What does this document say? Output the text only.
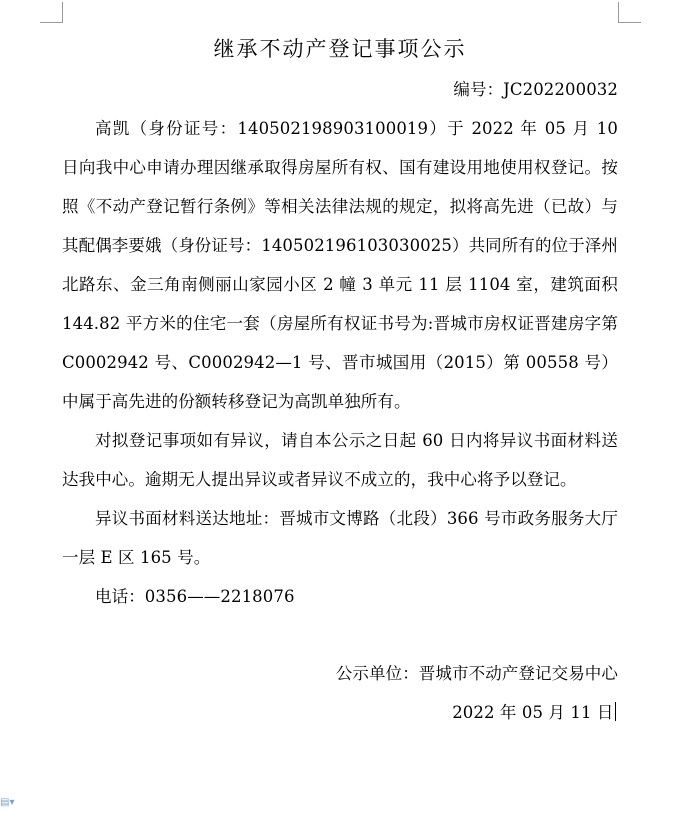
继承不动产登记事项公示
编号：JC202200032

高凯（身份证号：140502198903100019）于 2022 年 05 月 10 日向我中心申请办理因继承取得房屋所有权、国有建设用地使用权登记。按照《不动产登记暂行条例》等相关法律法规的规定，拟将高先进（已故）与其配偶李要娥（身份证号：140502196103030025）共同所有的位于泽州北路东、金三角南侧丽山家园小区 2 幢 3 单元 11 层 1104 室，建筑面积 144.82 平方米的住宅一套（房屋所有权证书号为:晋城市房权证晋建房字第 C0002942 号、C0002942—1 号、晋市城国用（2015）第 00558 号）中属于高先进的份额转移登记为高凯单独所有。

对拟登记事项如有异议，请自本公示之日起 60 日内将异议书面材料送达我中心。逾期无人提出异议或者异议不成立的，我中心将予以登记。

异议书面材料送达地址：晋城市文博路（北段）366 号市政务服务大厅一层 E 区 165 号。

电话：0356——2218076

公示单位：晋城市不动产登记交易中心
2022 年 05 月 11 日
▤▾
